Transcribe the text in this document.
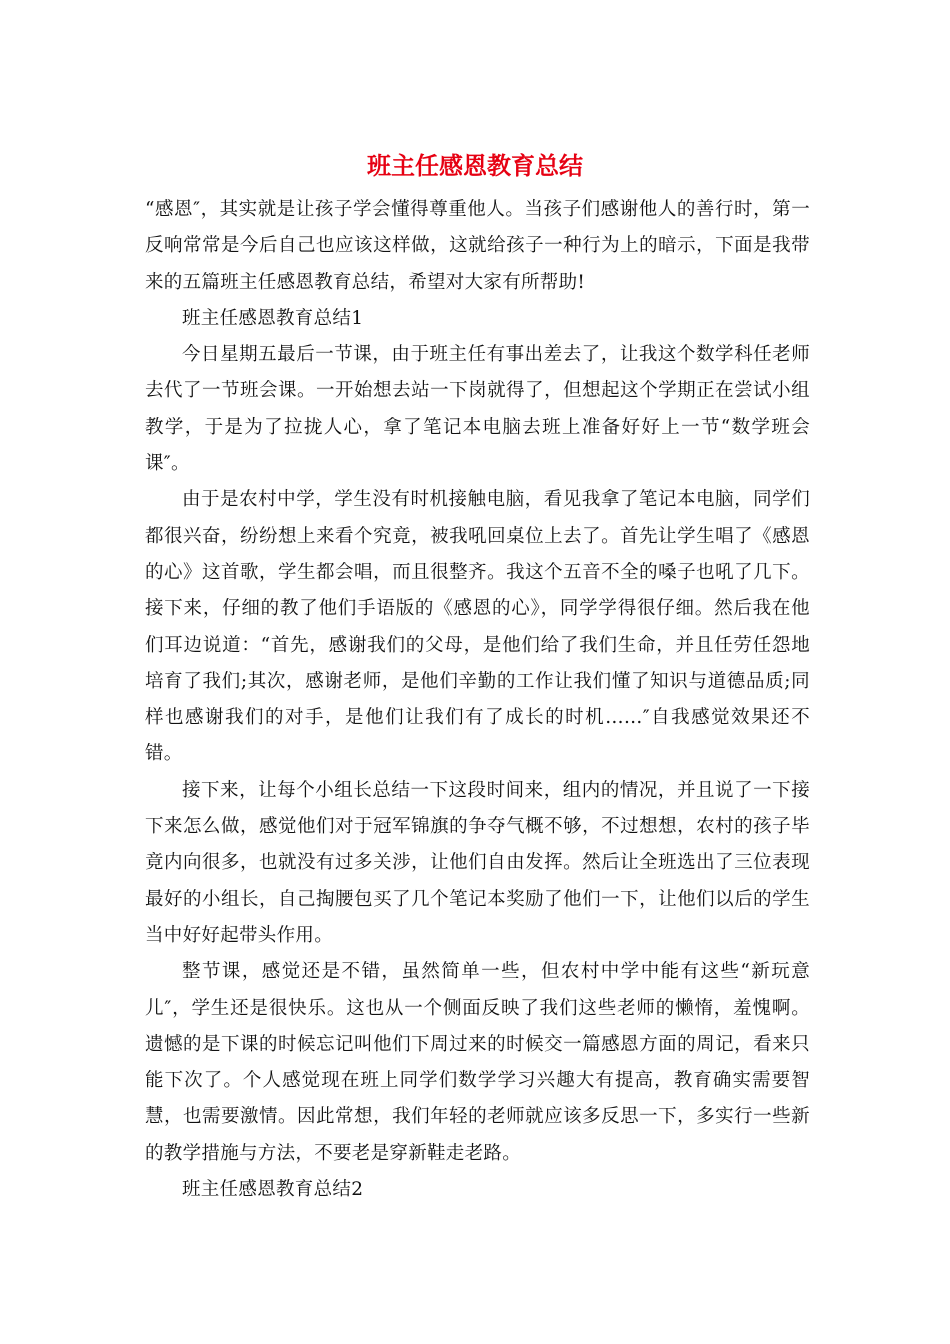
班主任感恩教育总结

“感恩″，其实就是让孩子学会懂得尊重他人。当孩子们感谢他人的善行时，第一反响常常是今后自己也应该这样做，这就给孩子一种行为上的暗示，下面是我带来的五篇班主任感恩教育总结，希望对大家有所帮助!

班主任感恩教育总结1

今日星期五最后一节课，由于班主任有事出差去了，让我这个数学科任老师去代了一节班会课。一开始想去站一下岗就得了，但想起这个学期正在尝试小组教学，于是为了拉拢人心，拿了笔记本电脑去班上准备好好上一节“数学班会课″。

由于是农村中学，学生没有时机接触电脑，看见我拿了笔记本电脑，同学们都很兴奋，纷纷想上来看个究竟，被我吼回桌位上去了。首先让学生唱了《感恩的心》这首歌，学生都会唱，而且很整齐。我这个五音不全的嗓子也吼了几下。接下来，仔细的教了他们手语版的《感恩的心》，同学学得很仔细。然后我在他们耳边说道：“首先，感谢我们的父母，是他们给了我们生命，并且任劳任怨地培育了我们;其次，感谢老师，是他们辛勤的工作让我们懂了知识与道德品质;同样也感谢我们的对手，是他们让我们有了成长的时机……″自我感觉效果还不错。

接下来，让每个小组长总结一下这段时间来，组内的情况，并且说了一下接下来怎么做，感觉他们对于冠军锦旗的争夺气概不够，不过想想，农村的孩子毕竟内向很多，也就没有过多关涉，让他们自由发挥。然后让全班选出了三位表现最好的小组长，自己掏腰包买了几个笔记本奖励了他们一下，让他们以后的学生当中好好起带头作用。

整节课，感觉还是不错，虽然简单一些，但农村中学中能有这些“新玩意儿″，学生还是很快乐。这也从一个侧面反映了我们这些老师的懒惰，羞愧啊。遗憾的是下课的时候忘记叫他们下周过来的时候交一篇感恩方面的周记，看来只能下次了。个人感觉现在班上同学们数学学习兴趣大有提高，教育确实需要智慧，也需要激情。因此常想，我们年轻的老师就应该多反思一下，多实行一些新的教学措施与方法，不要老是穿新鞋走老路。

班主任感恩教育总结2
